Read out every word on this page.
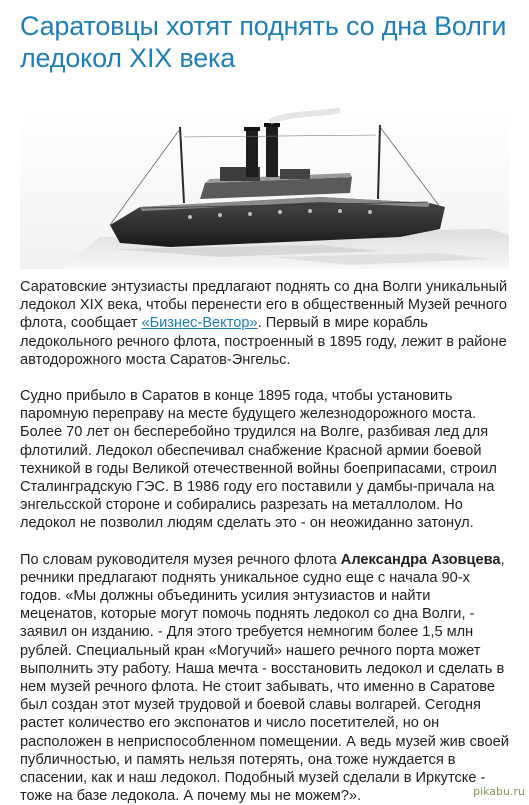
Саратовцы хотят поднять со дна Волги ледокол XIX века

Саратовские энтузиасты предлагают поднять со дна Волги уникальный ледокол XIX века, чтобы перенести его в общественный Музей речного флота, сообщает «Бизнес-Вектор». Первый в мире корабль ледокольного речного флота, построенный в 1895 году, лежит в районе автодорожного моста Саратов-Энгельс.

Судно прибыло в Саратов в конце 1895 года, чтобы установить паромную переправу на месте будущего железнодорожного моста. Более 70 лет он бесперебойно трудился на Волге, разбивая лед для флотилий. Ледокол обеспечивал снабжение Красной армии боевой техникой в годы Великой отечественной войны боеприпасами, строил Сталинградскую ГЭС. В 1986 году его поставили у дамбы-причала на энгельсской стороне и собирались разрезать на металлолом. Но ледокол не позволил людям сделать это - он неожиданно затонул.

По словам руководителя музея речного флота Александра Азовцева, речники предлагают поднять уникальное судно еще с начала 90-х годов. «Мы должны объединить усилия энтузиастов и найти меценатов, которые могут помочь поднять ледокол со дна Волги, - заявил он изданию. - Для этого требуется немногим более 1,5 млн рублей. Специальный кран «Могучий» нашего речного порта может выполнить эту работу. Наша мечта - восстановить ледокол и сделать в нем музей речного флота. Не стоит забывать, что именно в Саратове был создан этот музей трудовой и боевой славы волгарей. Сегодня растет количество его экспонатов и число посетителей, но он расположен в неприспособленном помещении. А ведь музей жив своей публичностью, и память нельзя потерять, она тоже нуждается в спасении, как и наш ледокол. Подобный музей сделали в Иркутске - тоже на базе ледокола. А почему мы не можем?».	pikabu.ru
